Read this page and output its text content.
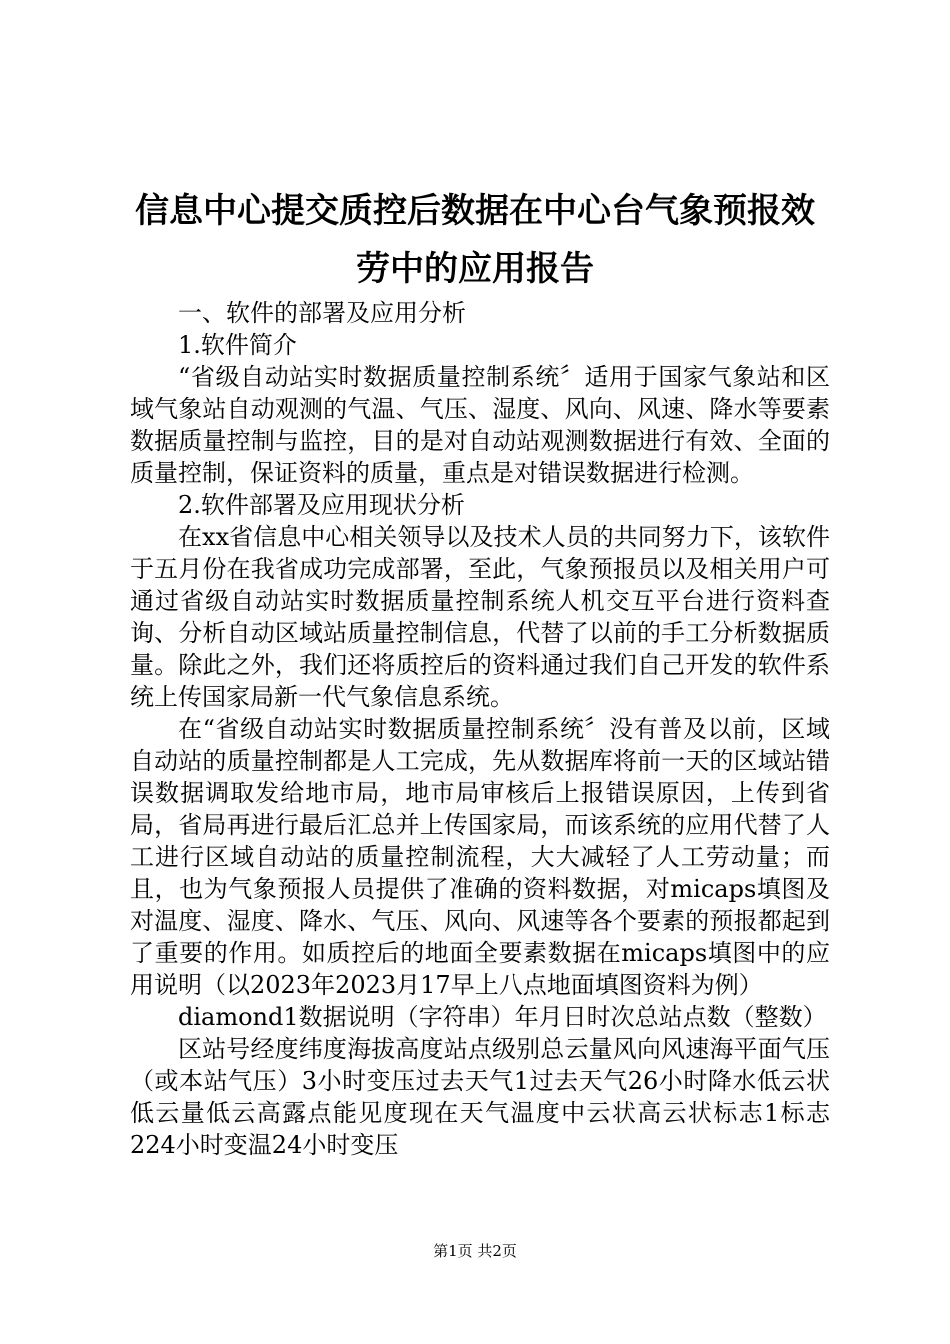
信息中心提交质控后数据在中心台气象预报效
劳中的应用报告

一、软件的部署及应用分析

1.软件简介

“省级自动站实时数据质量控制系统〞适用于国家气象站和区域气象站自动观测的气温、气压、湿度、风向、风速、降水等要素数据质量控制与监控，目的是对自动站观测数据进行有效、全面的质量控制，保证资料的质量，重点是对错误数据进行检测。

2.软件部署及应用现状分析

在xx省信息中心相关领导以及技术人员的共同努力下，该软件于五月份在我省成功完成部署，至此，气象预报员以及相关用户可通过省级自动站实时数据质量控制系统人机交互平台进行资料查询、分析自动区域站质量控制信息，代替了以前的手工分析数据质量。除此之外，我们还将质控后的资料通过我们自己开发的软件系统上传国家局新一代气象信息系统。

在“省级自动站实时数据质量控制系统〞没有普及以前，区域自动站的质量控制都是人工完成，先从数据库将前一天的区域站错误数据调取发给地市局，地市局审核后上报错误原因，上传到省局，省局再进行最后汇总并上传国家局，而该系统的应用代替了人工进行区域自动站的质量控制流程，大大减轻了人工劳动量；而且，也为气象预报人员提供了准确的资料数据，对micaps填图及对温度、湿度、降水、气压、风向、风速等各个要素的预报都起到了重要的作用。如质控后的地面全要素数据在micaps填图中的应用说明（以2023年2023月17早上八点地面填图资料为例）

diamond1数据说明（字符串）年月日时次总站点数（整数）

区站号经度纬度海拔高度站点级别总云量风向风速海平面气压（或本站气压）3小时变压过去天气1过去天气26小时降水低云状低云量低云高露点能见度现在天气温度中云状高云状标志1标志224小时变温24小时变压

第1页 共2页
